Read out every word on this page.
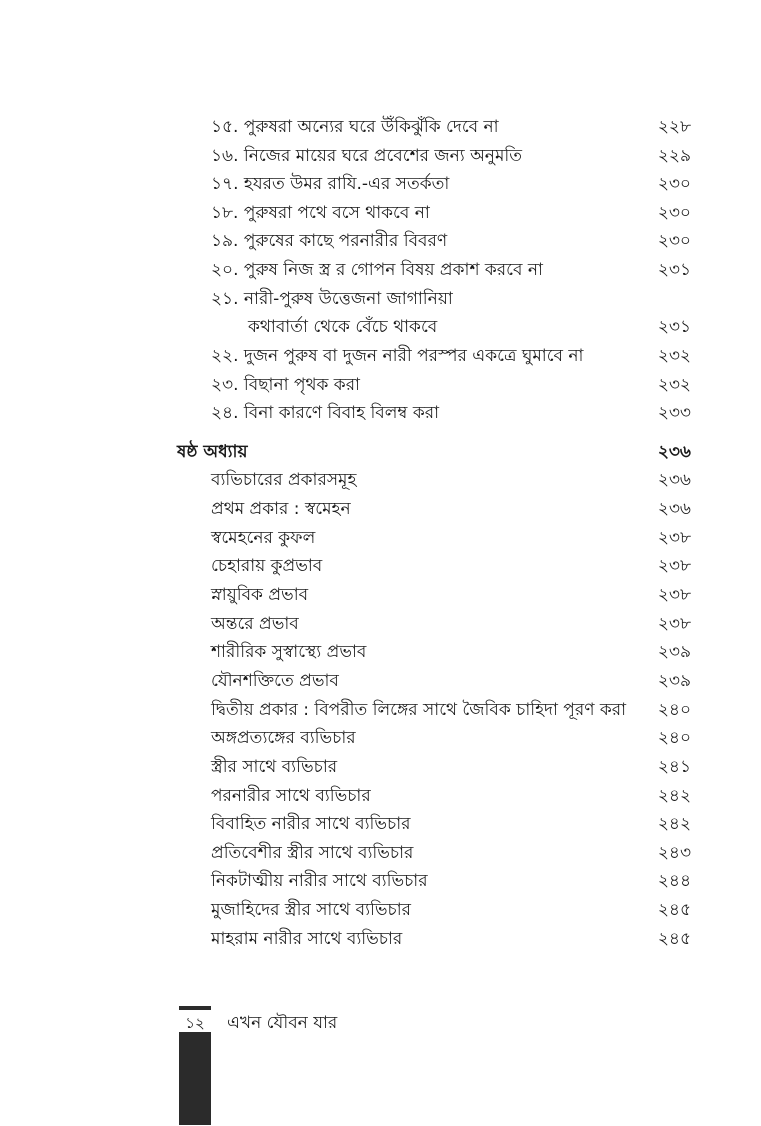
১৫. পুরুষরা অন্যের ঘরে উঁকিঝুঁকি দেবে না	২২৮
১৬. নিজের মায়ের ঘরে প্রবেশের জন্য অনুমতি	২২৯
১৭. হযরত উমর রাযি.-এর সতর্কতা	২৩০
১৮. পুরুষরা পথে বসে থাকবে না	২৩০
১৯. পুরুষের কাছে পরনারীর বিবরণ	২৩০
২০. পুরুষ নিজ স্ত্র র গোপন বিষয় প্রকাশ করবে না	২৩১
২১. নারী-পুরুষ উত্তেজনা জাগানিয়া
কথাবার্তা থেকে বেঁচে থাকবে	২৩১
২২. দুজন পুরুষ বা দুজন নারী পরস্পর একত্রে ঘুমাবে না	২৩২
২৩. বিছানা পৃথক করা	২৩২
২৪. বিনা কারণে বিবাহ বিলম্ব করা	২৩৩
ষষ্ঠ অধ্যায়	২৩৬
ব্যভিচারের প্রকারসমূহ	২৩৬
প্রথম প্রকার : স্বমেহন	২৩৬
স্বমেহনের কুফল	২৩৮
চেহারায় কুপ্রভাব	২৩৮
স্নায়ুবিক প্রভাব	২৩৮
অন্তরে প্রভাব	২৩৮
শারীরিক সুস্বাস্থ্যে প্রভাব	২৩৯
যৌনশক্তিতে প্রভাব	২৩৯
দ্বিতীয় প্রকার : বিপরীত লিঙ্গের সাথে জৈবিক চাহিদা পূরণ করা ২৪০
অঙ্গপ্রত্যঙ্গের ব্যভিচার	২৪০
স্ত্রীর সাথে ব্যভিচার	২৪১
পরনারীর সাথে ব্যভিচার	২৪২
বিবাহিত নারীর সাথে ব্যভিচার	২৪২
প্রতিবেশীর স্ত্রীর সাথে ব্যভিচার	২৪৩
নিকটাত্মীয় নারীর সাথে ব্যভিচার	২৪৪
মুজাহিদের স্ত্রীর সাথে ব্যভিচার	২৪৫
মাহরাম নারীর সাথে ব্যভিচার	২৪৫
১২	এখন যৌবন যার
